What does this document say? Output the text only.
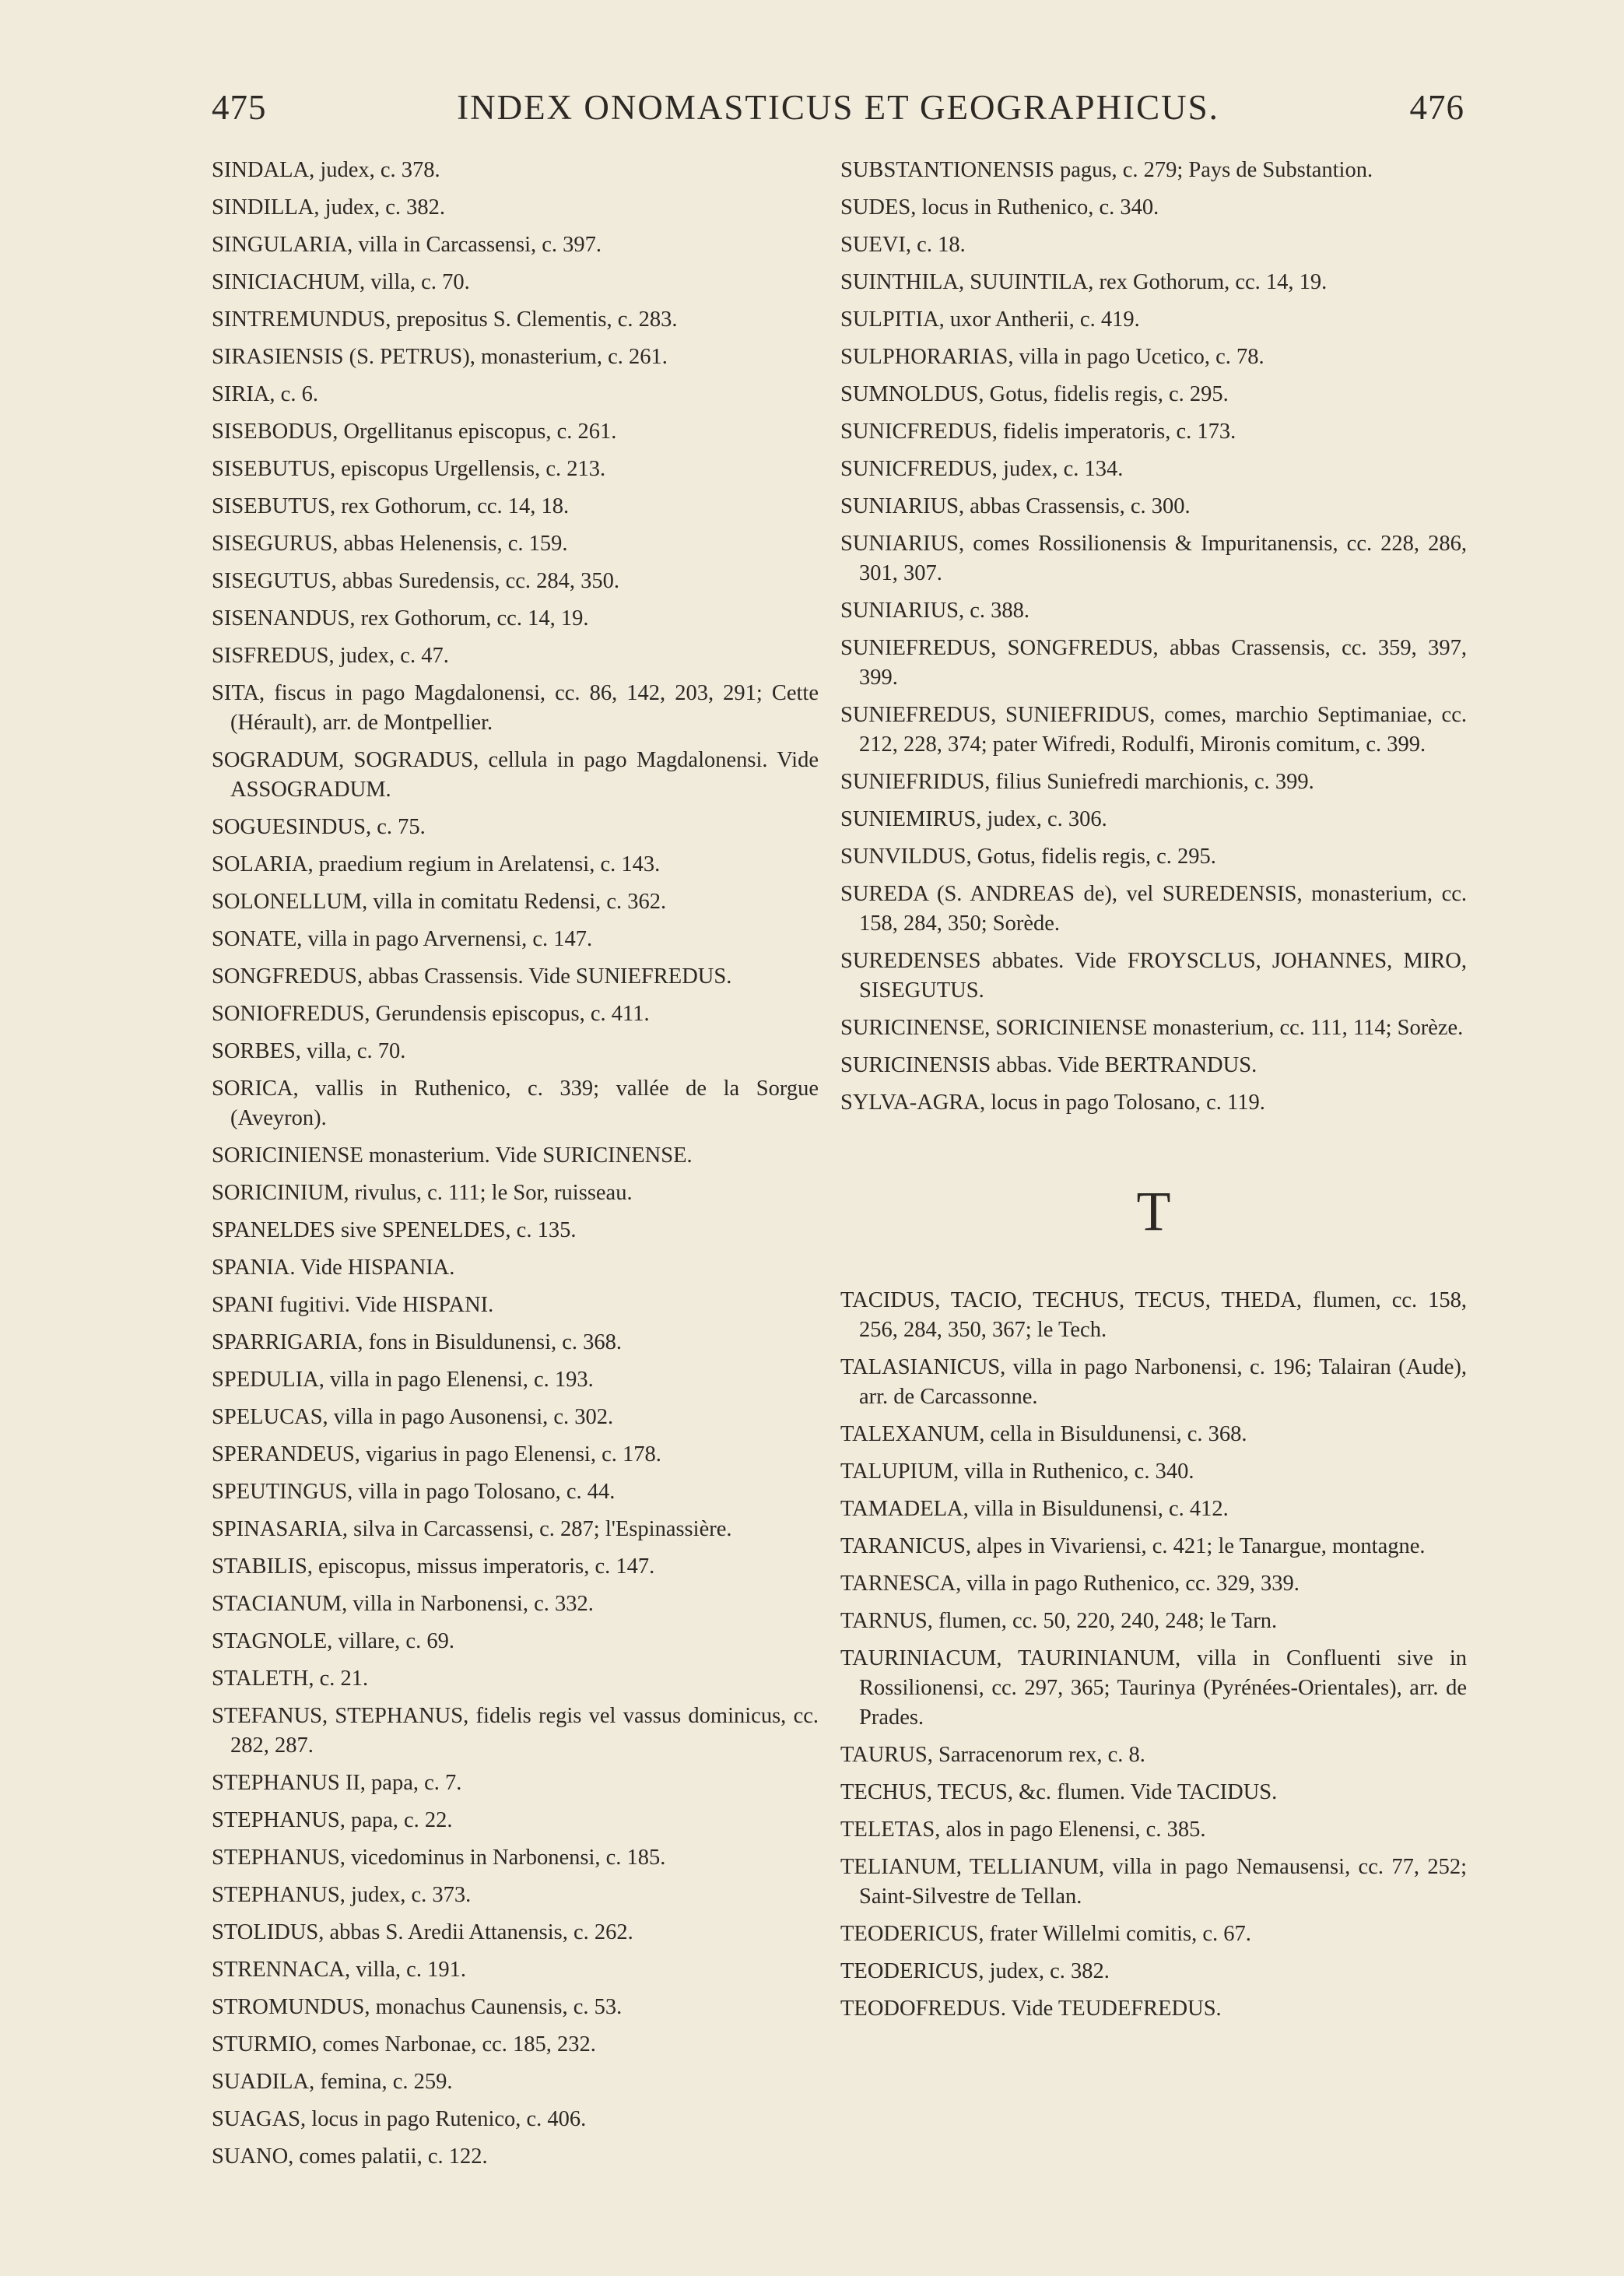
475	INDEX ONOMASTICUS ET GEOGRAPHICUS.	476
SINDALA, judex, c. 378.
SINDILLA, judex, c. 382.
SINGULARIA, villa in Carcassensi, c. 397.
SINICIACHUM, villa, c. 70.
SINTREMUNDUS, prepositus S. Clementis, c. 283.
SIRASIENSIS (S. PETRUS), monasterium, c. 261.
SIRIA, c. 6.
SISEBODUS, Orgellitanus episcopus, c. 261.
SISEBUTUS, episcopus Urgellensis, c. 213.
SISEBUTUS, rex Gothorum, cc. 14, 18.
SISEGURUS, abbas Helenensis, c. 159.
SISEGUTUS, abbas Suredensis, cc. 284, 350.
SISENANDUS, rex Gothorum, cc. 14, 19.
SISFREDUS, judex, c. 47.
SITA, fiscus in pago Magdalonensi, cc. 86, 142, 203, 291; Cette (Hérault), arr. de Montpellier.
SOGRADUM, SOGRADUS, cellula in pago Magdalonensi. Vide ASSOGRADUM.
SOGUESINDUS, c. 75.
SOLARIA, praedium regium in Arelatensi, c. 143.
SOLONELLUM, villa in comitatu Redensi, c. 362.
SONATE, villa in pago Arvernensi, c. 147.
SONGFREDUS, abbas Crassensis. Vide SUNIEFREDUS.
SONIOFREDUS, Gerundensis episcopus, c. 411.
SORBES, villa, c. 70.
SORICA, vallis in Ruthenico, c. 339; vallée de la Sorgue (Aveyron).
SORICINIENSE monasterium. Vide SURICINENSE.
SORICINIUM, rivulus, c. 111; le Sor, ruisseau.
SPANELDES sive SPENELDES, c. 135.
SPANIA. Vide HISPANIA.
SPANI fugitivi. Vide HISPANI.
SPARRIGARIA, fons in Bisuldunensi, c. 368.
SPEDULIA, villa in pago Elenensi, c. 193.
SPELUCAS, villa in pago Ausonensi, c. 302.
SPERANDEUS, vigarius in pago Elenensi, c. 178.
SPEUTINGUS, villa in pago Tolosano, c. 44.
SPINASARIA, silva in Carcassensi, c. 287; l'Espinassière.
STABILIS, episcopus, missus imperatoris, c. 147.
STACIANUM, villa in Narbonensi, c. 332.
STAGNOLE, villare, c. 69.
STALETH, c. 21.
STEFANUS, STEPHANUS, fidelis regis vel vassus dominicus, cc. 282, 287.
STEPHANUS II, papa, c. 7.
STEPHANUS, papa, c. 22.
STEPHANUS, vicedominus in Narbonensi, c. 185.
STEPHANUS, judex, c. 373.
STOLIDUS, abbas S. Aredii Attanensis, c. 262.
STRENNACA, villa, c. 191.
STROMUNDUS, monachus Caunensis, c. 53.
STURMIO, comes Narbonae, cc. 185, 232.
SUADILA, femina, c. 259.
SUAGAS, locus in pago Rutenico, c. 406.
SUANO, comes palatii, c. 122.
SUBSTANTIONENSIS pagus, c. 279; Pays de Substantion.
SUDES, locus in Ruthenico, c. 340.
SUEVI, c. 18.
SUINTHILA, SUUINTILA, rex Gothorum, cc. 14, 19.
SULPITIA, uxor Antherii, c. 419.
SULPHORARIAS, villa in pago Ucetico, c. 78.
SUMNOLDUS, Gotus, fidelis regis, c. 295.
SUNICFREDUS, fidelis imperatoris, c. 173.
SUNICFREDUS, judex, c. 134.
SUNIARIUS, abbas Crassensis, c. 300.
SUNIARIUS, comes Rossilionensis & Impuritanensis, cc. 228, 286, 301, 307.
SUNIARIUS, c. 388.
SUNIEFREDUS, SONGFREDUS, abbas Crassensis, cc. 359, 397, 399.
SUNIEFREDUS, SUNIEFRIDUS, comes, marchio Septimaniae, cc. 212, 228, 374; pater Wifredi, Rodulfi, Mironis comitum, c. 399.
SUNIEFRIDUS, filius Suniefredi marchionis, c. 399.
SUNIEMIRUS, judex, c. 306.
SUNVILDUS, Gotus, fidelis regis, c. 295.
SUREDA (S. ANDREAS de), vel SUREDENSIS, monasterium, cc. 158, 284, 350; Sorède.
SUREDENSES abbates. Vide FROYSCLUS, JOHANNES, MIRO, SISEGUTUS.
SURICINENSE, SORICINIENSE monasterium, cc. 111, 114; Sorèze.
SURICINENSIS abbas. Vide BERTRANDUS.
SYLVA-AGRA, locus in pago Tolosano, c. 119.
T
TACIDUS, TACIO, TECHUS, TECUS, THEDA, flumen, cc. 158, 256, 284, 350, 367; le Tech.
TALASIANICUS, villa in pago Narbonensi, c. 196; Talairan (Aude), arr. de Carcassonne.
TALEXANUM, cella in Bisuldunensi, c. 368.
TALUPIUM, villa in Ruthenico, c. 340.
TAMADELA, villa in Bisuldunensi, c. 412.
TARANICUS, alpes in Vivariensi, c. 421; le Tanargue, montagne.
TARNESCA, villa in pago Ruthenico, cc. 329, 339.
TARNUS, flumen, cc. 50, 220, 240, 248; le Tarn.
TAURINIACUM, TAURINIANUM, villa in Confluenti sive in Rossilionensi, cc. 297, 365; Taurinya (Pyrénées-Orientales), arr. de Prades.
TAURUS, Sarracenorum rex, c. 8.
TECHUS, TECUS, &c. flumen. Vide TACIDUS.
TELETAS, alos in pago Elenensi, c. 385.
TELIANUM, TELLIANUM, villa in pago Nemausensi, cc. 77, 252; Saint-Silvestre de Tellan.
TEODERICUS, frater Willelmi comitis, c. 67.
TEODERICUS, judex, c. 382.
TEODOFREDUS. Vide TEUDEFREDUS.
